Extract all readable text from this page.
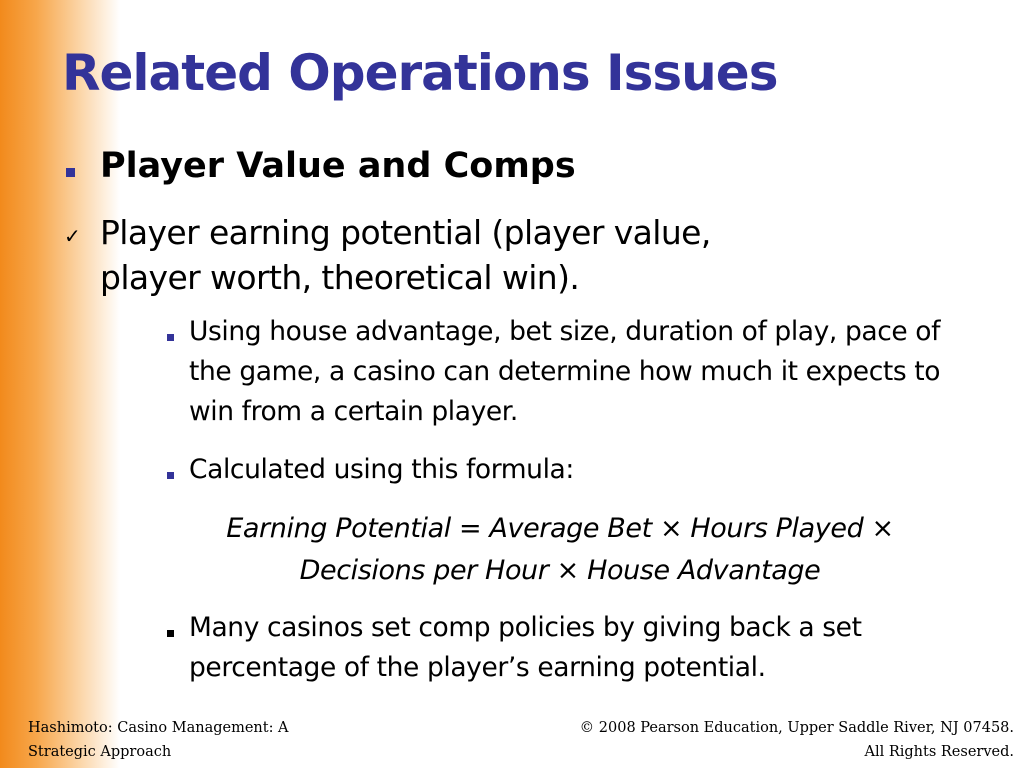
Related Operations Issues
Player Value and Comps
✓ Player earning potential (player value,
player worth, theoretical win).
Using house advantage, bet size, duration of play, pace of the game, a casino can determine how much it expects to win from a certain player.
Calculated using this formula:
Earning Potential = Average Bet × Hours Played ×
Decisions per Hour × House Advantage
Many casinos set comp policies by giving back a set percentage of the player’s earning potential.
Hashimoto: Casino Management: A Strategic Approach
© 2008 Pearson Education, Upper Saddle River, NJ 07458.
All Rights Reserved.
